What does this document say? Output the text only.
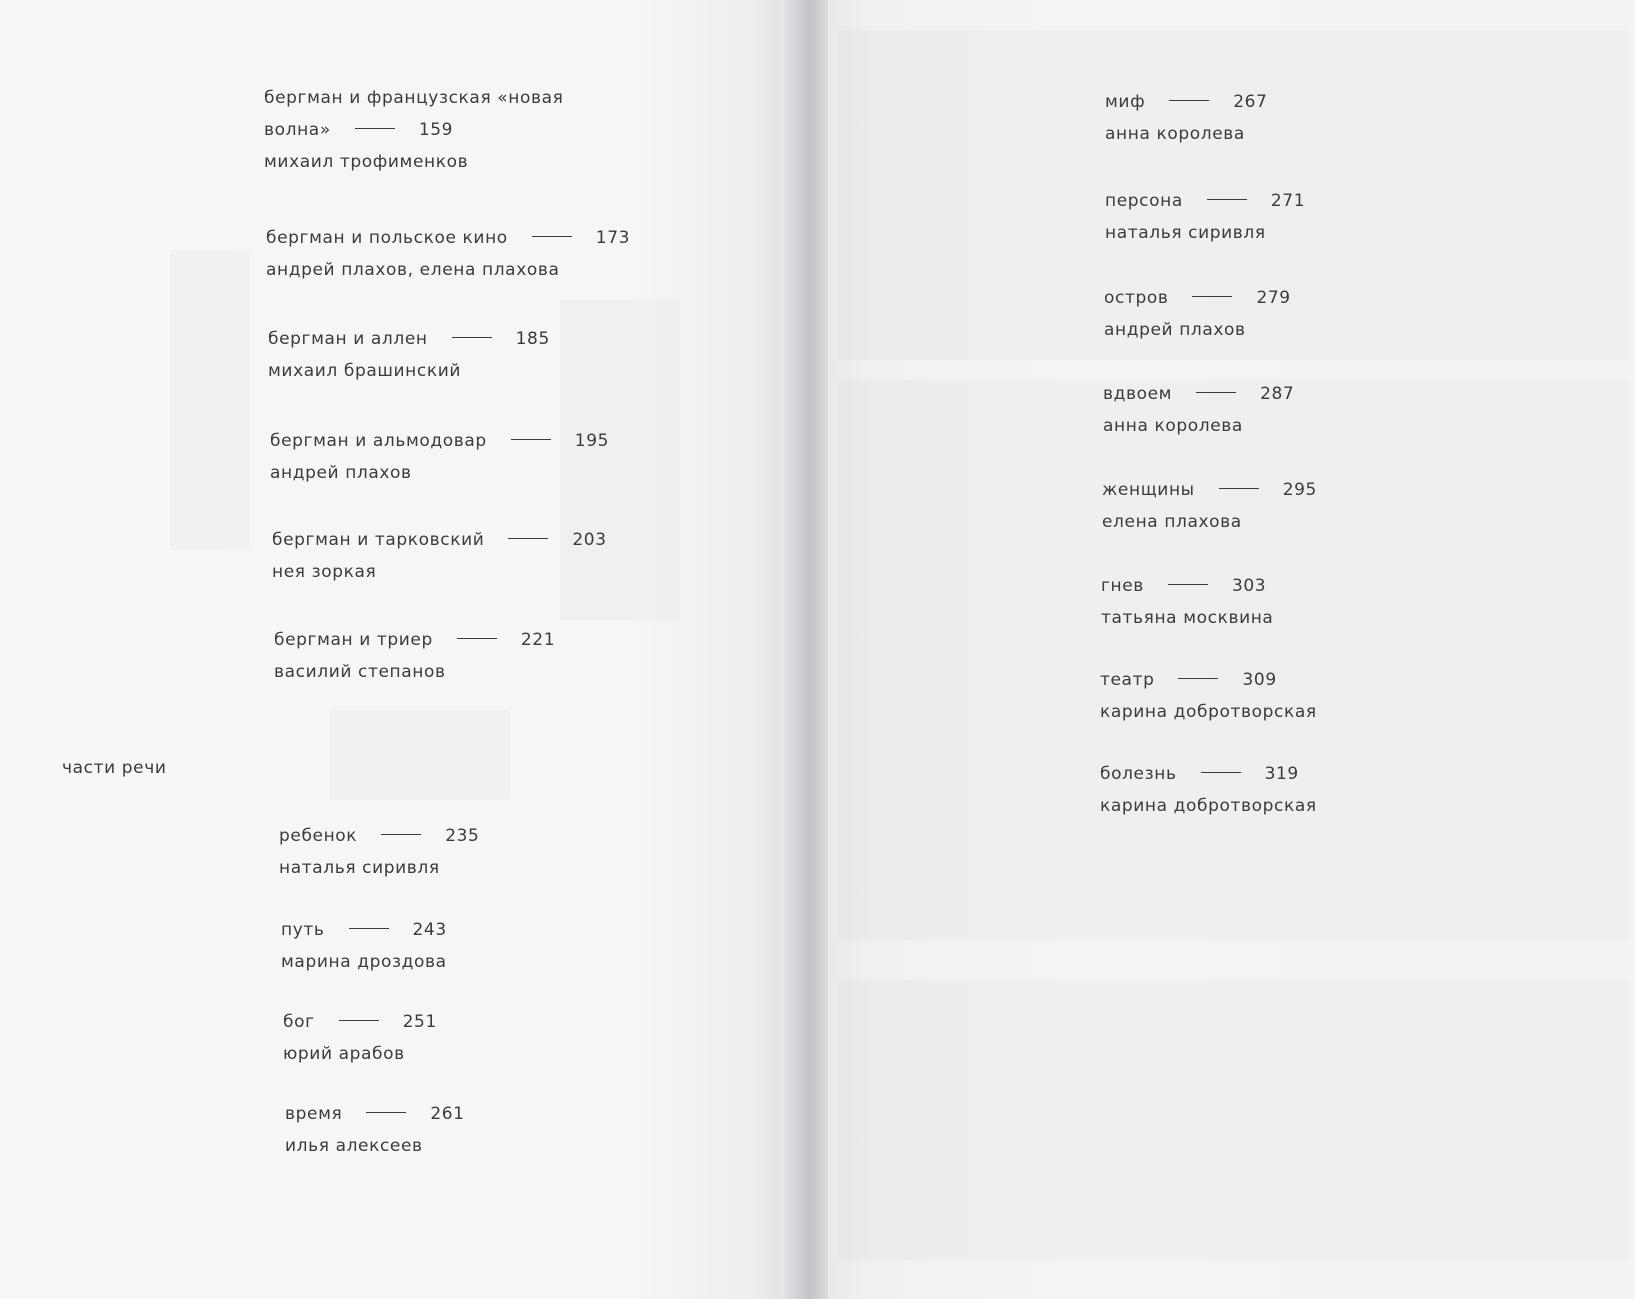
бергман и французская «новая
волна»	159
михаил трофименков
бергман и польское кино	173
андрей плахов, елена плахова
бергман и аллен	185
михаил брашинский
бергман и альмодовар	195
андрей плахов
бергман и тарковский	203
нея зоркая
бергман и триер	221
василий степанов
части речи
ребенок	235
наталья сиривля
путь	243
марина дроздова
бог	251
юрий арабов
время	261
илья алексеев
миф	267
анна королева
персона	271
наталья сиривля
остров	279
андрей плахов
вдвоем	287
анна королева
женщины	295
елена плахова
гнев	303
татьяна москвина
театр	309
карина добротворская
болезнь	319
карина добротворская
